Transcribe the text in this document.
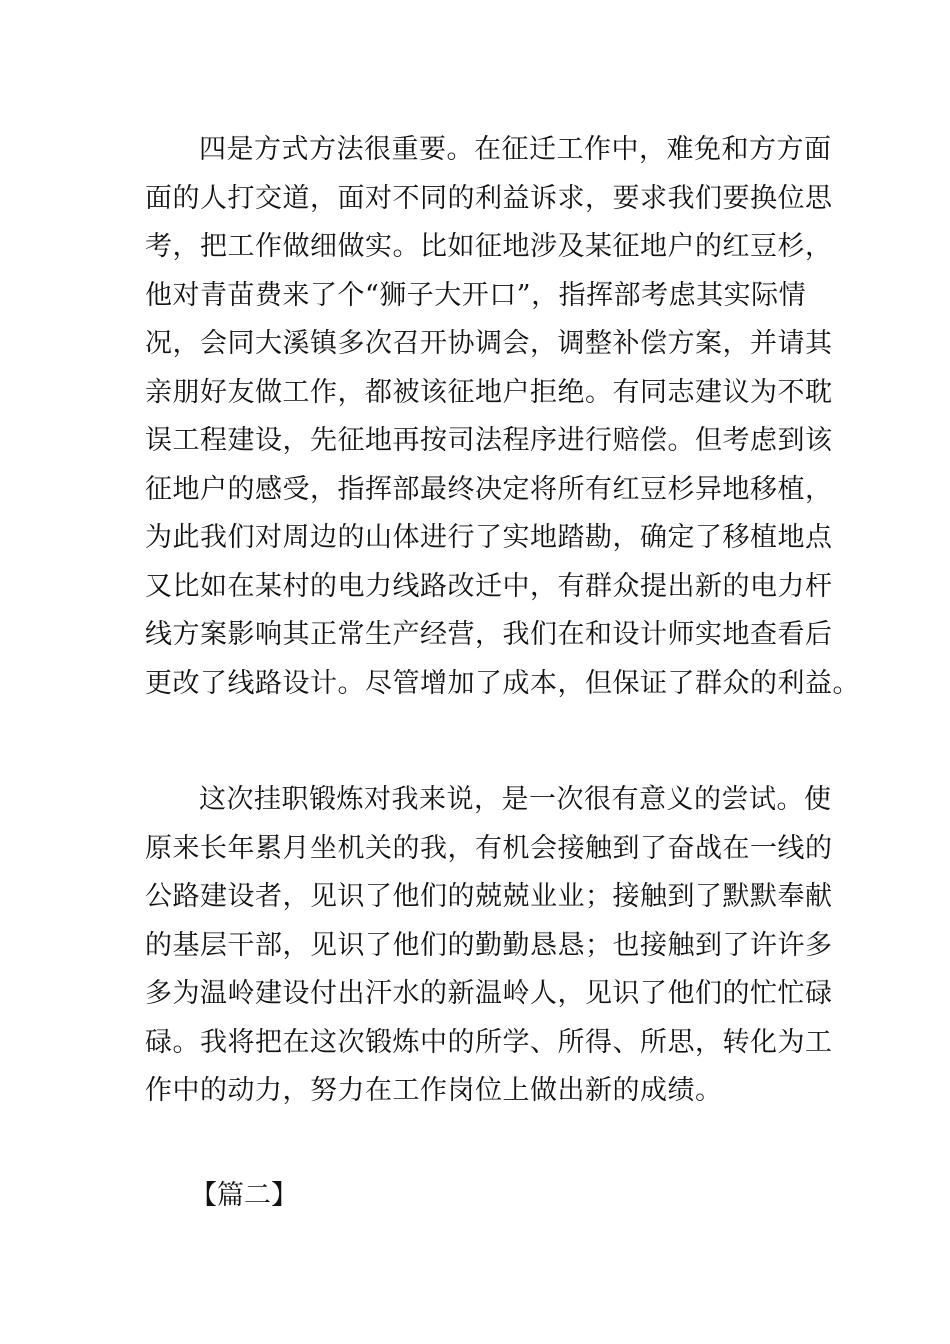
四是方式方法很重要。在征迁工作中，难免和方方面
面的人打交道，面对不同的利益诉求，要求我们要换位思
考，把工作做细做实。比如征地涉及某征地户的红豆杉，
他对青苗费来了个“狮子大开口”，指挥部考虑其实际情
况，会同大溪镇多次召开协调会，调整补偿方案，并请其
亲朋好友做工作，都被该征地户拒绝。有同志建议为不耽
误工程建设，先征地再按司法程序进行赔偿。但考虑到该
征地户的感受，指挥部最终决定将所有红豆杉异地移植，
为此我们对周边的山体进行了实地踏勘，确定了移植地点
又比如在某村的电力线路改迁中，有群众提出新的电力杆
线方案影响其正常生产经营，我们在和设计师实地查看后
更改了线路设计。尽管增加了成本，但保证了群众的利益。
这次挂职锻炼对我来说，是一次很有意义的尝试。使
原来长年累月坐机关的我，有机会接触到了奋战在一线的
公路建设者，见识了他们的兢兢业业；接触到了默默奉献
的基层干部，见识了他们的勤勤恳恳；也接触到了许许多
多为温岭建设付出汗水的新温岭人，见识了他们的忙忙碌
碌。我将把在这次锻炼中的所学、所得、所思，转化为工
作中的动力，努力在工作岗位上做出新的成绩。
【篇二】
